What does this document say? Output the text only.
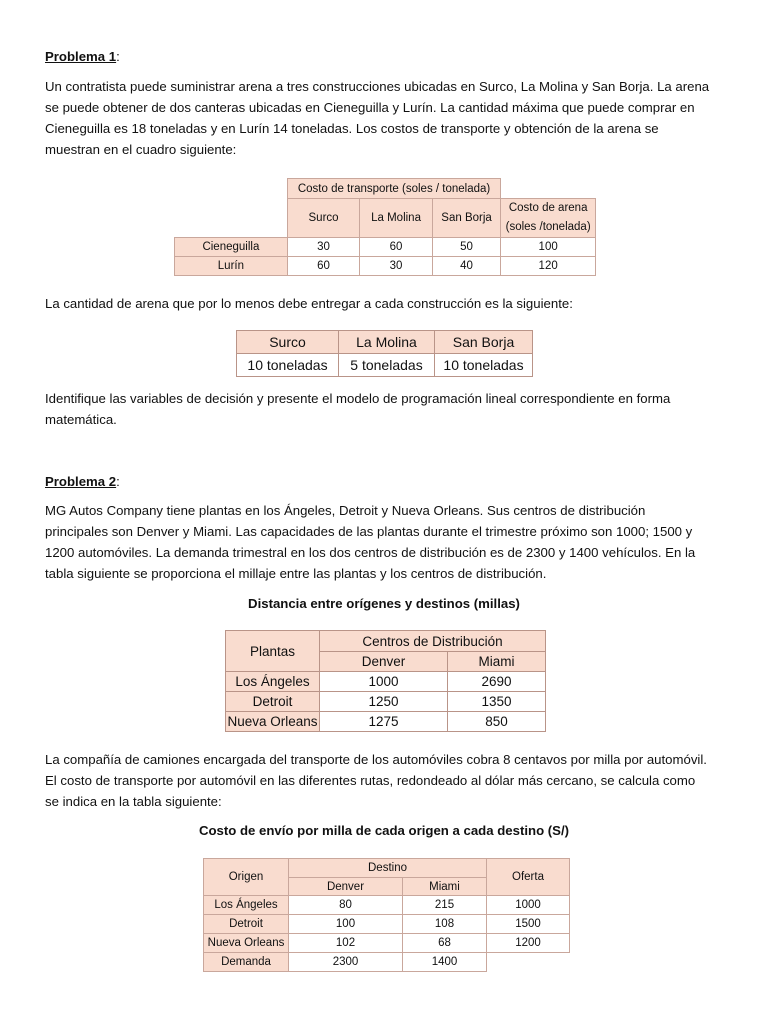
Problema 1:

Un contratista puede suministrar arena a tres construcciones ubicadas en Surco, La Molina y San Borja. La arena se puede obtener de dos canteras ubicadas en Cieneguilla y Lurín. La cantidad máxima que puede comprar en Cieneguilla es 18 toneladas y en Lurín 14 toneladas. Los costos de transporte y obtención de la arena se muestran en el cuadro siguiente:

	Costo de transporte (soles / tonelada)			
	Surco	La Molina	San Borja	Costo de arena (soles /tonelada)
Cieneguilla	30	60	50	100
Lurín	60	30	40	120

La cantidad de arena que por lo menos debe entregar a cada construcción es la siguiente:

Surco	La Molina	San Borja
10 toneladas	5 toneladas	10 toneladas

Identifique las variables de decisión y presente el modelo de programación lineal correspondiente en forma matemática.

Problema 2:

MG Autos Company tiene plantas en los Ángeles, Detroit y Nueva Orleans. Sus centros de distribución principales son Denver y Miami. Las capacidades de las plantas durante el trimestre próximo son 1000; 1500 y 1200 automóviles. La demanda trimestral en los dos centros de distribución es de 2300 y 1400 vehículos. En la tabla siguiente se proporciona el millaje entre las plantas y los centros de distribución.

Distancia entre orígenes y destinos (millas)
Plantas	Centros de Distribución	
	Denver	Miami
Los Ángeles	1000	2690
Detroit	1250	1350
Nueva Orleans	1275	850

La compañía de camiones encargada del transporte de los automóviles cobra 8 centavos por milla por automóvil. El costo de transporte por automóvil en las diferentes rutas, redondeado al dólar más cercano, se calcula como se indica en la tabla siguiente:

Costo de envío por milla de cada origen a cada destino (S/)
Origen	Destino		Oferta
	Denver	Miami	
Los Ángeles	80	215	1000
Detroit	100	108	1500
Nueva Orleans	102	68	1200
Demanda	2300	1400	
